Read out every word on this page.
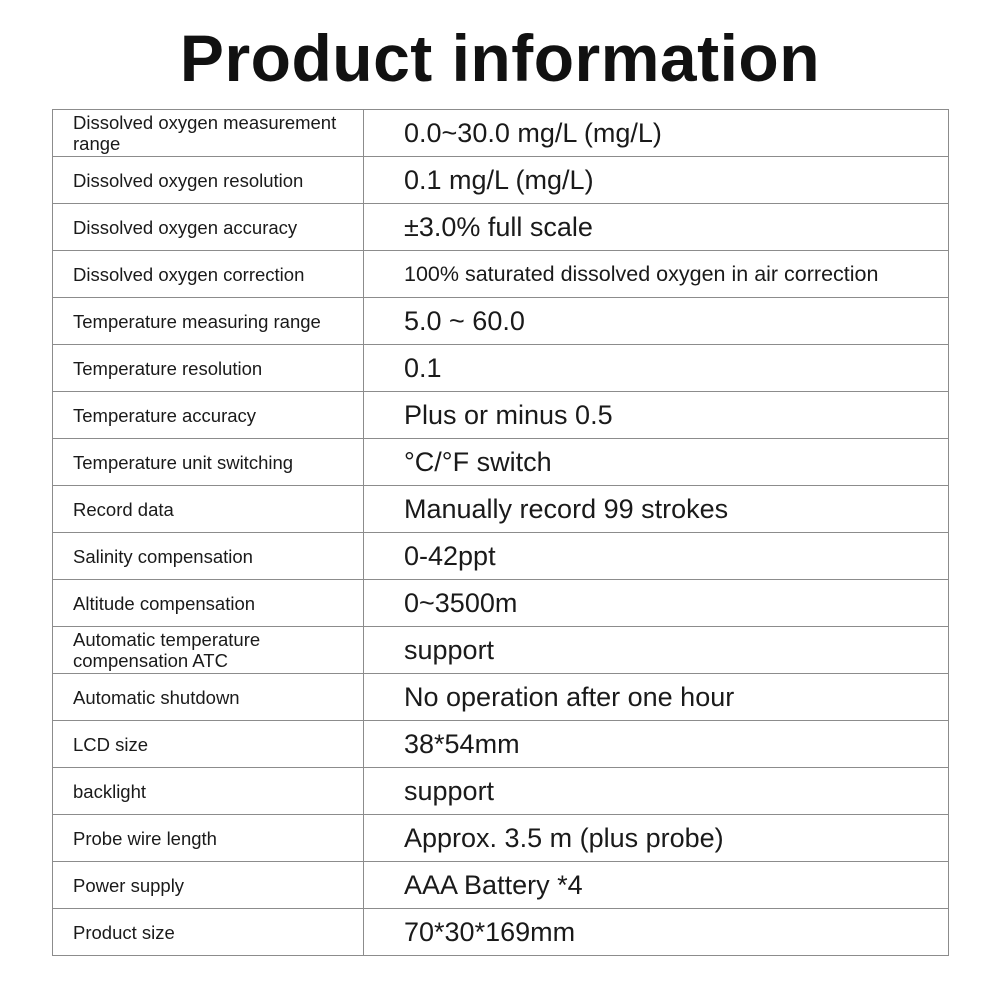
Product information
Dissolved oxygen measurement range	0.0~30.0 mg/L (mg/L)
Dissolved oxygen resolution	0.1 mg/L (mg/L)
Dissolved oxygen accuracy	±3.0% full scale
Dissolved oxygen correction	100% saturated dissolved oxygen in air correction
Temperature measuring range	5.0 ~ 60.0
Temperature resolution	0.1
Temperature accuracy	Plus or minus 0.5
Temperature unit switching	°C/°F switch
Record data	Manually record 99 strokes
Salinity compensation	0-42ppt
Altitude compensation	0~3500m
Automatic temperature compensation ATC	support
Automatic shutdown	No operation after one hour
LCD size	38*54mm
backlight	support
Probe wire length	Approx. 3.5 m (plus probe)
Power supply	AAA Battery *4
Product size	70*30*169mm
